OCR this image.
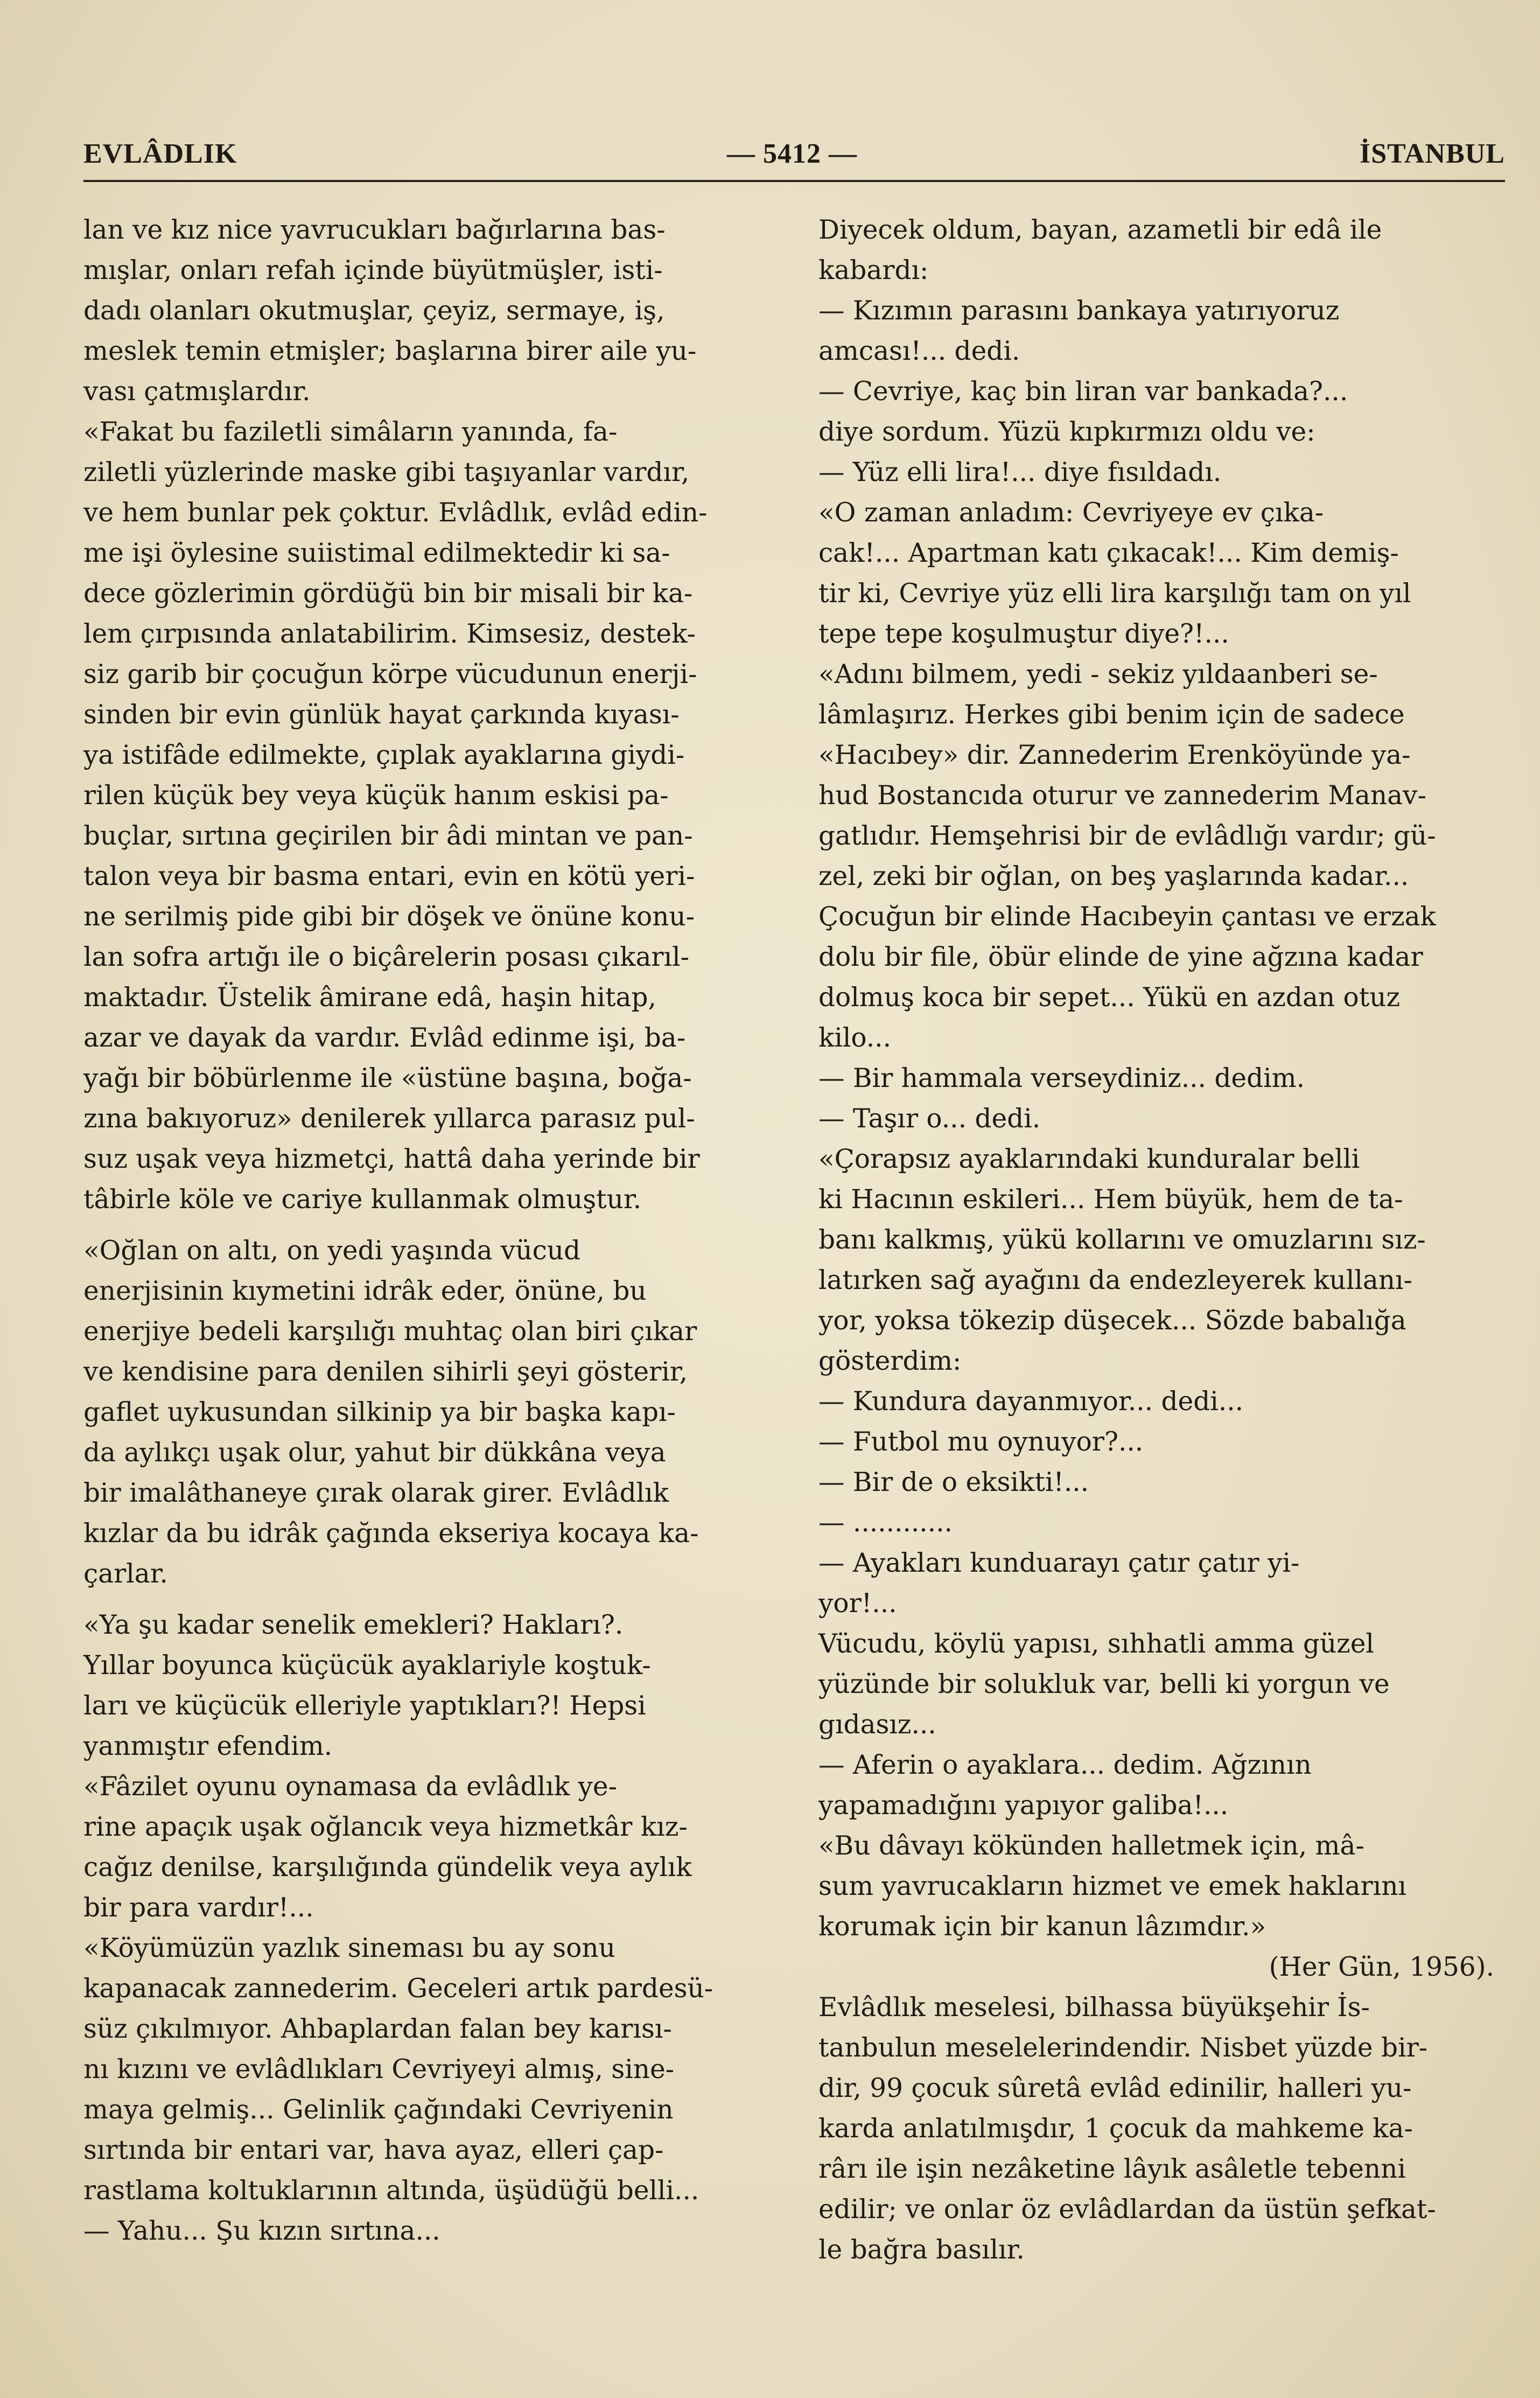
EVLÂDLIK	— 5412 —	İSTANBUL

lan ve kız nice yavrucukları bağırlarına bas-
mışlar, onları refah içinde büyütmüşler, isti-
dadı olanları okutmuşlar, çeyiz, sermaye, iş,
meslek temin etmişler; başlarına birer aile yu-
vası çatmışlardır.

«Fakat bu faziletli simâların yanında, fa-
ziletli yüzlerinde maske gibi taşıyanlar vardır,
ve hem bunlar pek çoktur. Evlâdlık, evlâd edin-
me işi öylesine suiistimal edilmektedir ki sa-
dece gözlerimin gördüğü bin bir misali bir ka-
lem çırpısında anlatabilirim. Kimsesiz, destek-
siz garib bir çocuğun körpe vücudunun enerji-
sinden bir evin günlük hayat çarkında kıyası-
ya istifâde edilmekte, çıplak ayaklarına giydi-
rilen küçük bey veya küçük hanım eskisi pa-
buçlar, sırtına geçirilen bir âdi mintan ve pan-
talon veya bir basma entari, evin en kötü yeri-
ne serilmiş pide gibi bir döşek ve önüne konu-
lan sofra artığı ile o biçârelerin posası çıkarıl-
maktadır. Üstelik âmirane edâ, haşin hitap,
azar ve dayak da vardır. Evlâd edinme işi, ba-
yağı bir böbürlenme ile «üstüne başına, boğa-
zına bakıyoruz» denilerek yıllarca parasız pul-
suz uşak veya hizmetçi, hattâ daha yerinde bir
tâbirle köle ve cariye kullanmak olmuştur.

«Oğlan on altı, on yedi yaşında vücud
enerjisinin kıymetini idrâk eder, önüne, bu
enerjiye bedeli karşılığı muhtaç olan biri çıkar
ve kendisine para denilen sihirli şeyi gösterir,
gaflet uykusundan silkinip ya bir başka kapı-
da aylıkçı uşak olur, yahut bir dükkâna veya
bir imalâthaneye çırak olarak girer. Evlâdlık
kızlar da bu idrâk çağında ekseriya kocaya ka-
çarlar.

«Ya şu kadar senelik emekleri? Hakları?.
Yıllar boyunca küçücük ayaklariyle koştuk-
ları ve küçücük elleriyle yaptıkları?! Hepsi
yanmıştır efendim.

«Fâzilet oyunu oynamasa da evlâdlık ye-
rine apaçık uşak oğlancık veya hizmetkâr kız-
cağız denilse, karşılığında gündelik veya aylık
bir para vardır!...

«Köyümüzün yazlık sineması bu ay sonu
kapanacak zannederim. Geceleri artık pardesü-
süz çıkılmıyor. Ahbaplardan falan bey karısı-
nı kızını ve evlâdlıkları Cevriyeyi almış, sine-
maya gelmiş... Gelinlik çağındaki Cevriyenin
sırtında bir entari var, hava ayaz, elleri çap-
rastlama koltuklarının altında, üşüdüğü belli...

— Yahu... Şu kızın sırtına...

Diyecek oldum, bayan, azametli bir edâ ile
kabardı:

— Kızımın parasını bankaya yatırıyoruz
amcası!... dedi.

— Cevriye, kaç bin liran var bankada?...
diye sordum. Yüzü kıpkırmızı oldu ve:

— Yüz elli lira!... diye fısıldadı.

«O zaman anladım: Cevriyeye ev çıka-
cak!... Apartman katı çıkacak!... Kim demiş-
tir ki, Cevriye yüz elli lira karşılığı tam on yıl
tepe tepe koşulmuştur diye?!...

«Adını bilmem, yedi - sekiz yıldaanberi se-
lâmlaşırız. Herkes gibi benim için de sadece
«Hacıbey» dir. Zannederim Erenköyünde ya-
hud Bostancıda oturur ve zannederim Manav-
gatlıdır. Hemşehrisi bir de evlâdlığı vardır; gü-
zel, zeki bir oğlan, on beş yaşlarında kadar...
Çocuğun bir elinde Hacıbeyin çantası ve erzak
dolu bir file, öbür elinde de yine ağzına kadar
dolmuş koca bir sepet... Yükü en azdan otuz
kilo...

— Bir hammala verseydiniz... dedim.

— Taşır o... dedi.

«Çorapsız ayaklarındaki kunduralar belli
ki Hacının eskileri... Hem büyük, hem de ta-
banı kalkmış, yükü kollarını ve omuzlarını sız-
latırken sağ ayağını da endezleyerek kullanı-
yor, yoksa tökezip düşecek... Sözde babalığa
gösterdim:

— Kundura dayanmıyor... dedi...

— Futbol mu oynuyor?...

— Bir de o eksikti!...

— ............

— Ayakları kunduarayı çatır çatır yi-
yor!...

Vücudu, köylü yapısı, sıhhatli amma güzel
yüzünde bir solukluk var, belli ki yorgun ve
gıdasız...

— Aferin o ayaklara... dedim. Ağzının
yapamadığını yapıyor galiba!...

«Bu dâvayı kökünden halletmek için, mâ-
sum yavrucakların hizmet ve emek haklarını
korumak için bir kanun lâzımdır.»

(Her Gün, 1956).

Evlâdlık meselesi, bilhassa büyükşehir İs-
tanbulun meselelerindendir. Nisbet yüzde bir-
dir, 99 çocuk sûretâ evlâd edinilir, halleri yu-
karda anlatılmışdır, 1 çocuk da mahkeme ka-
rârı ile işin nezâketine lâyık asâletle tebenni
edilir; ve onlar öz evlâdlardan da üstün şefkat-
le bağra basılır.
